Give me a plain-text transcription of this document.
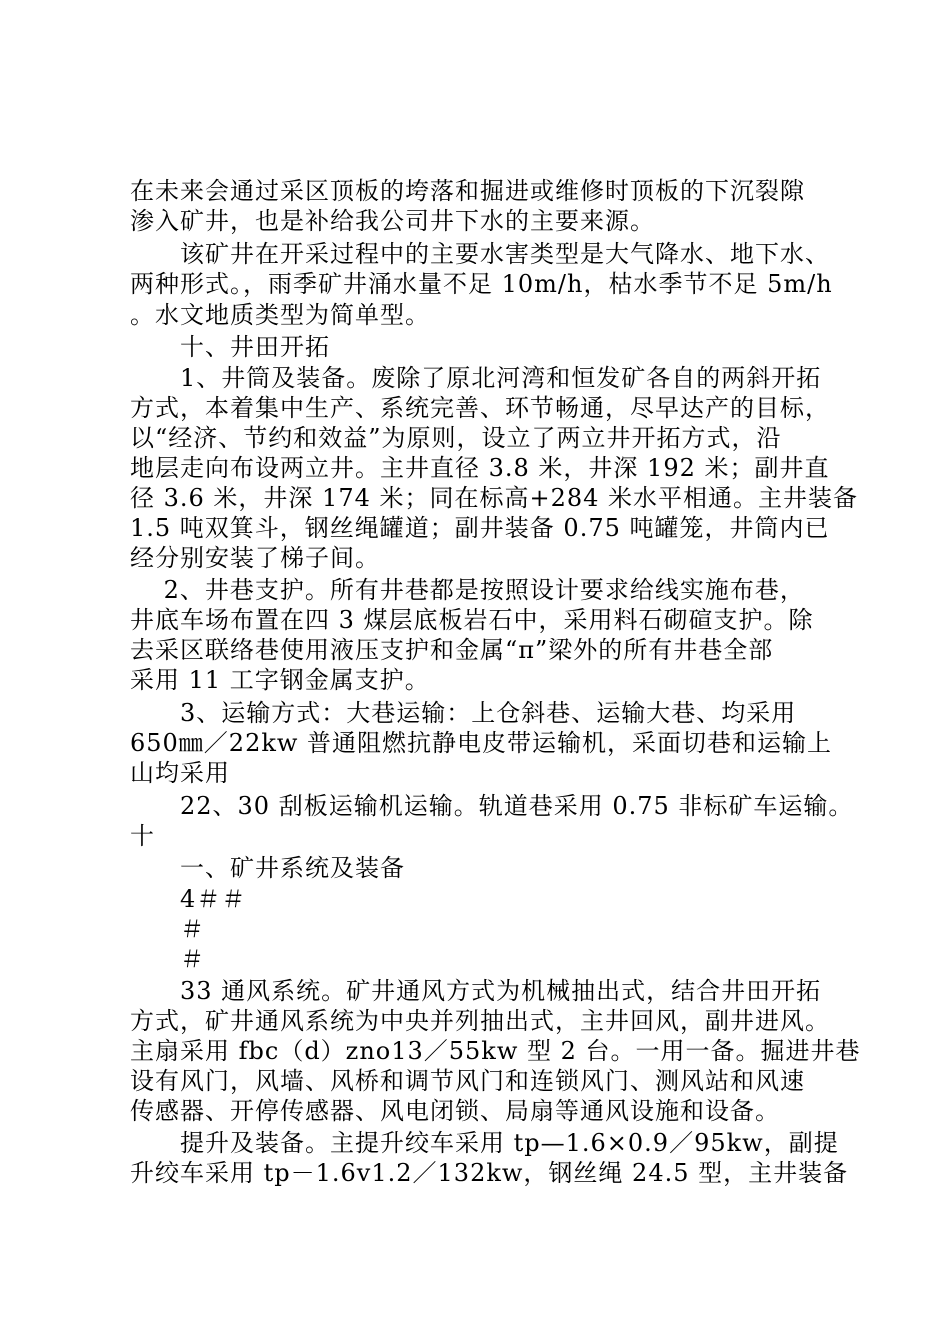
在未来会通过采区顶板的垮落和掘进或维修时顶板的下沉裂隙
渗入矿井，也是补给我公司井下水的主要来源。
　　该矿井在开采过程中的主要水害类型是大气降水、地下水、
两种形式。，雨季矿井涌水量不足 10m/h，枯水季节不足 5m/h
。水文地质类型为简单型。
　　十、井田开拓
　　1、井筒及装备。废除了原北河湾和恒发矿各自的两斜开拓
方式，本着集中生产、系统完善、环节畅通，尽早达产的目标，
以“经济、节约和效益”为原则，设立了两立井开拓方式，沿
地层走向布设两立井。主井直径 3.8 米，井深 192 米；副井直
径 3.6 米，井深 174 米；同在标高+284 米水平相通。主井装备
1.5 吨双箕斗，钢丝绳罐道；副井装备 0.75 吨罐笼，井筒内已
经分别安装了梯子间。
　 2、井巷支护。所有井巷都是按照设计要求给线实施布巷，
井底车场布置在四 3 煤层底板岩石中，采用料石砌碹支护。除
去采区联络巷使用液压支护和金属“π”梁外的所有井巷全部
采用 11 工字钢金属支护。
　　3、运输方式：大巷运输：上仓斜巷、运输大巷、均采用
650㎜／22kw 普通阻燃抗静电皮带运输机，采面切巷和运输上
山均采用
　　22、30 刮板运输机运输。轨道巷采用 0.75 非标矿车运输。
十
　　一、矿井系统及装备
　　4＃＃
　　＃
　　＃
　　33 通风系统。矿井通风方式为机械抽出式，结合井田开拓
方式，矿井通风系统为中央并列抽出式，主井回风，副井进风。
主扇采用 fbc（d）zno13／55kw 型 2 台。一用一备。掘进井巷
设有风门，风墙、风桥和调节风门和连锁风门、测风站和风速
传感器、开停传感器、风电闭锁、局扇等通风设施和设备。
　　提升及装备。主提升绞车采用 tp—1.6×0.9／95kw，副提
升绞车采用 tp－1.6v1.2／132kw，钢丝绳 24.5 型，主井装备
